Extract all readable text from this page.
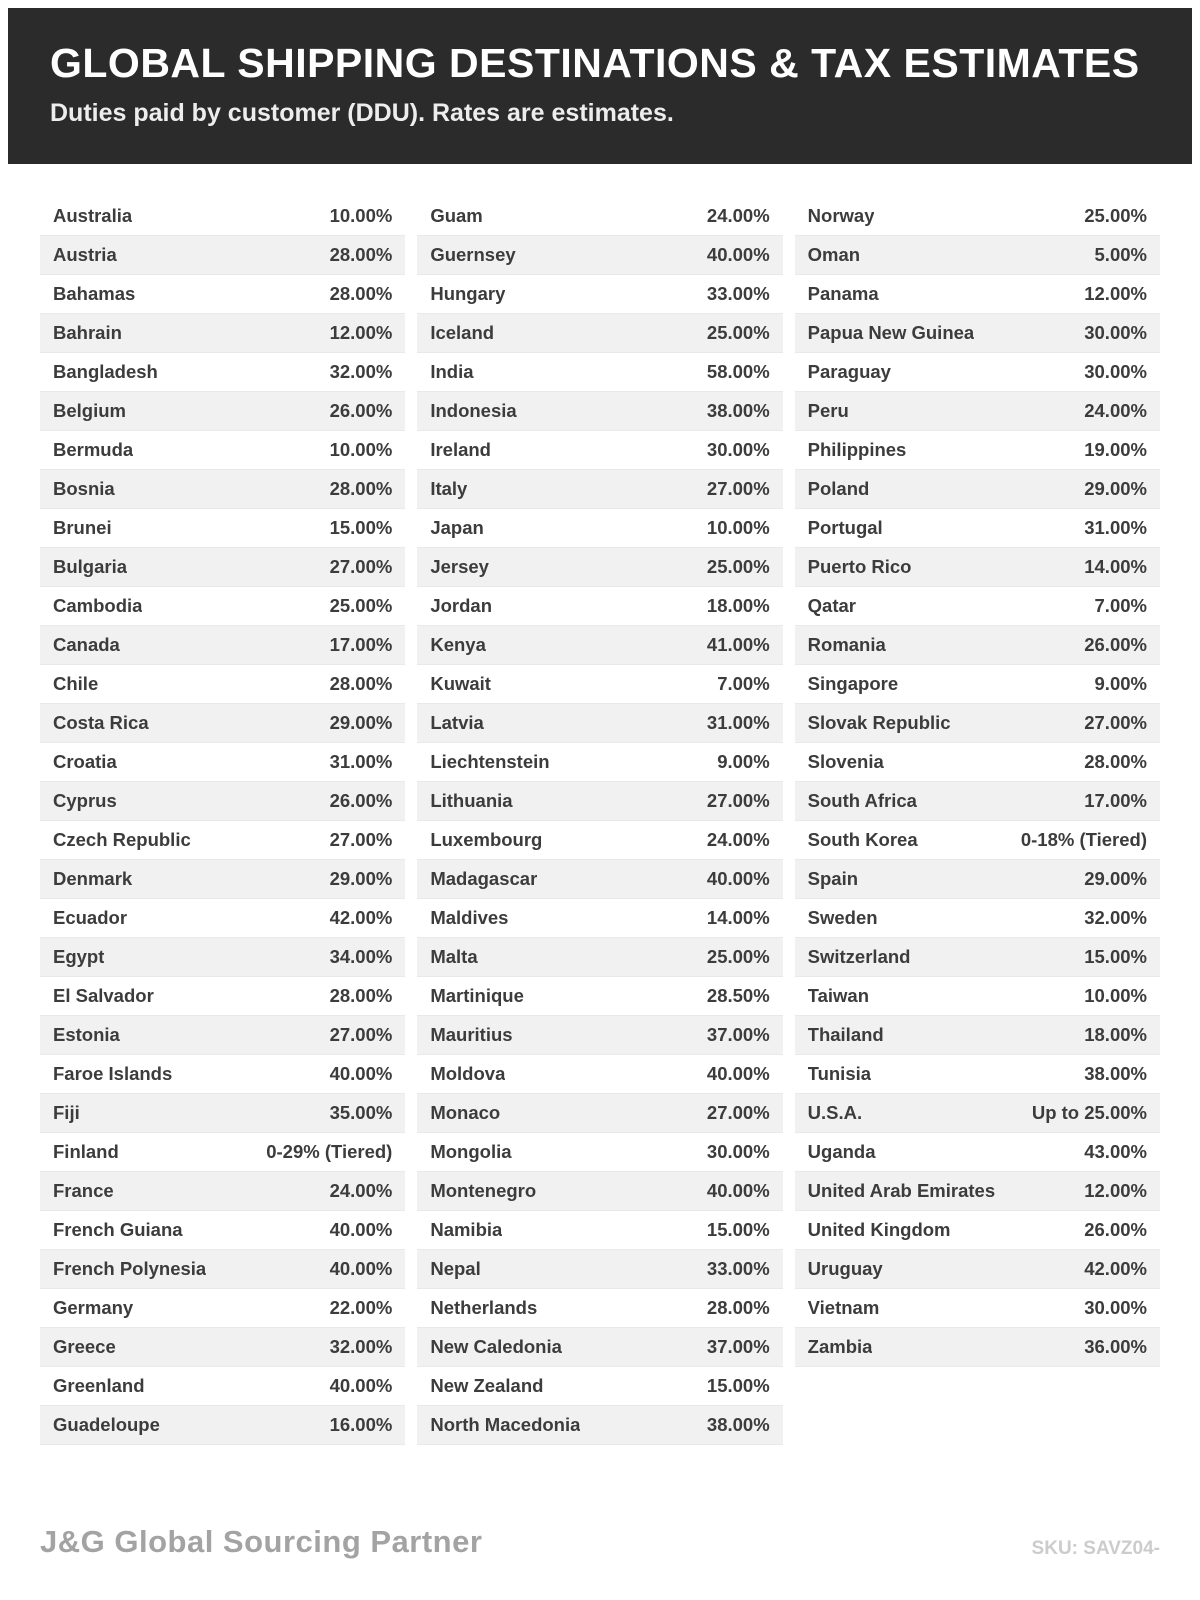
GLOBAL SHIPPING DESTINATIONS & TAX ESTIMATES

Duties paid by customer (DDU). Rates are estimates.

Australia	10.00%
Austria	28.00%
Bahamas	28.00%
Bahrain	12.00%
Bangladesh	32.00%
Belgium	26.00%
Bermuda	10.00%
Bosnia	28.00%
Brunei	15.00%
Bulgaria	27.00%
Cambodia	25.00%
Canada	17.00%
Chile	28.00%
Costa Rica	29.00%
Croatia	31.00%
Cyprus	26.00%
Czech Republic	27.00%
Denmark	29.00%
Ecuador	42.00%
Egypt	34.00%
El Salvador	28.00%
Estonia	27.00%
Faroe Islands	40.00%
Fiji	35.00%
Finland	0-29% (Tiered)
France	24.00%
French Guiana	40.00%
French Polynesia	40.00%
Germany	22.00%
Greece	32.00%
Greenland	40.00%
Guadeloupe	16.00%
Guam	24.00%
Guernsey	40.00%
Hungary	33.00%
Iceland	25.00%
India	58.00%
Indonesia	38.00%
Ireland	30.00%
Italy	27.00%
Japan	10.00%
Jersey	25.00%
Jordan	18.00%
Kenya	41.00%
Kuwait	7.00%
Latvia	31.00%
Liechtenstein	9.00%
Lithuania	27.00%
Luxembourg	24.00%
Madagascar	40.00%
Maldives	14.00%
Malta	25.00%
Martinique	28.50%
Mauritius	37.00%
Moldova	40.00%
Monaco	27.00%
Mongolia	30.00%
Montenegro	40.00%
Namibia	15.00%
Nepal	33.00%
Netherlands	28.00%
New Caledonia	37.00%
New Zealand	15.00%
North Macedonia	38.00%
Norway	25.00%
Oman	5.00%
Panama	12.00%
Papua New Guinea	30.00%
Paraguay	30.00%
Peru	24.00%
Philippines	19.00%
Poland	29.00%
Portugal	31.00%
Puerto Rico	14.00%
Qatar	7.00%
Romania	26.00%
Singapore	9.00%
Slovak Republic	27.00%
Slovenia	28.00%
South Africa	17.00%
South Korea	0-18% (Tiered)
Spain	29.00%
Sweden	32.00%
Switzerland	15.00%
Taiwan	10.00%
Thailand	18.00%
Tunisia	38.00%
U.S.A.	Up to 25.00%
Uganda	43.00%
United Arab Emirates	12.00%
United Kingdom	26.00%
Uruguay	42.00%
Vietnam	30.00%
Zambia	36.00%
J&G Global Sourcing Partner	SKU: SAVZ04-
